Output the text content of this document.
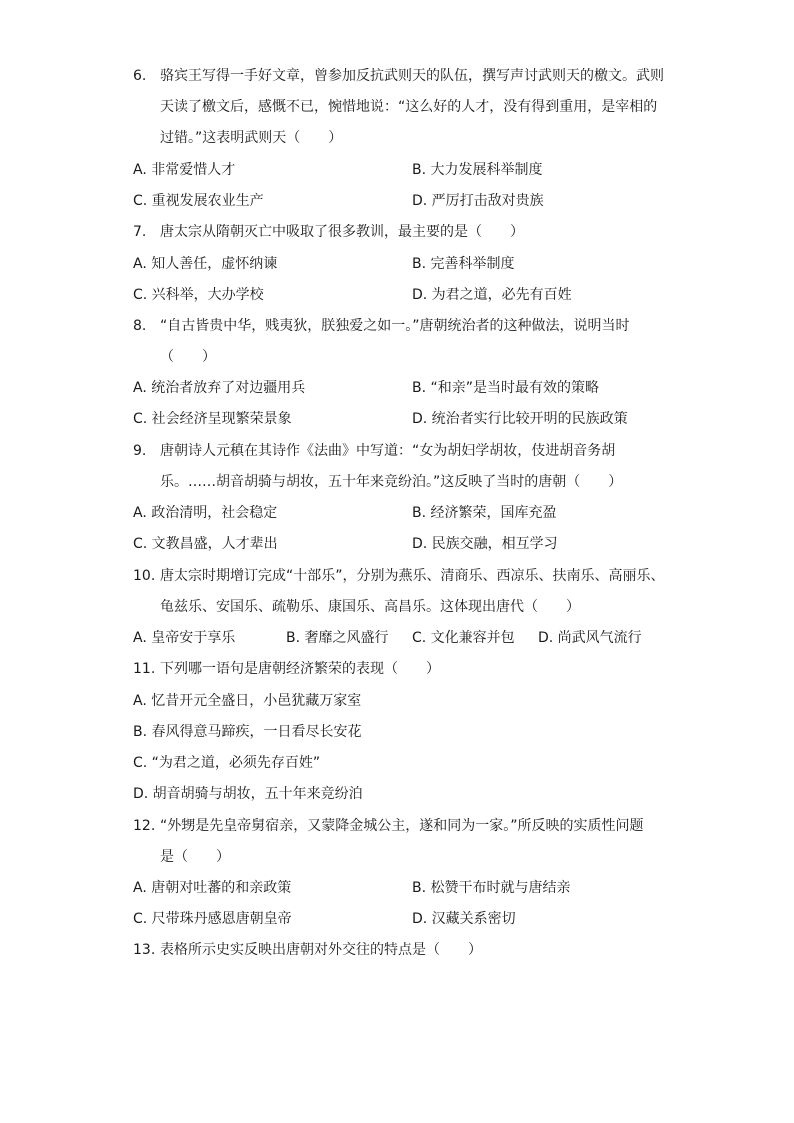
6. 骆宾王写得一手好文章，曾参加反抗武则天的队伍，撰写声讨武则天的檄文。武则
天读了檄文后，感慨不已，惋惜地说：“这么好的人才，没有得到重用，是宰相的
过错。”这表明武则天（　　）
A. 非常爱惜人才	B. 大力发展科举制度
C. 重视发展农业生产	D. 严厉打击敌对贵族
7. 唐太宗从隋朝灭亡中吸取了很多教训，最主要的是（　　）
A. 知人善任，虚怀纳谏	B. 完善科举制度
C. 兴科举，大办学校	D. 为君之道，必先有百姓
8. “自古皆贵中华，贱夷狄，朕独爱之如一。”唐朝统治者的这种做法，说明当时
（　　）
A. 统治者放弃了对边疆用兵	B. “和亲”是当时最有效的策略
C. 社会经济呈现繁荣景象	D. 统治者实行比较开明的民族政策
9. 唐朝诗人元稹在其诗作《法曲》中写道：“女为胡妇学胡妆，伎进胡音务胡
乐。……胡音胡骑与胡妆，五十年来竞纷泊。”这反映了当时的唐朝（　　）
A. 政治清明，社会稳定	B. 经济繁荣，国库充盈
C. 文教昌盛，人才辈出	D. 民族交融，相互学习
10. 唐太宗时期增订完成“十部乐”，分别为燕乐、清商乐、西凉乐、扶南乐、高丽乐、
龟兹乐、安国乐、疏勒乐、康国乐、高昌乐。这体现出唐代（　　）
A. 皇帝安于享乐	B. 奢靡之风盛行 C. 文化兼容并包 D. 尚武风气流行
11. 下列哪一语句是唐朝经济繁荣的表现（　　）
A. 忆昔开元全盛日，小邑犹藏万家室
B. 春风得意马蹄疾，一日看尽长安花
C. “为君之道，必须先存百姓”
D. 胡音胡骑与胡妆，五十年来竞纷泊
12. “外甥是先皇帝舅宿亲，又蒙降金城公主，遂和同为一家。”所反映的实质性问题
是（　　）
A. 唐朝对吐蕃的和亲政策	B. 松赞干布时就与唐结亲
C. 尺带珠丹感恩唐朝皇帝	D. 汉藏关系密切
13. 表格所示史实反映出唐朝对外交往的特点是（　　）
